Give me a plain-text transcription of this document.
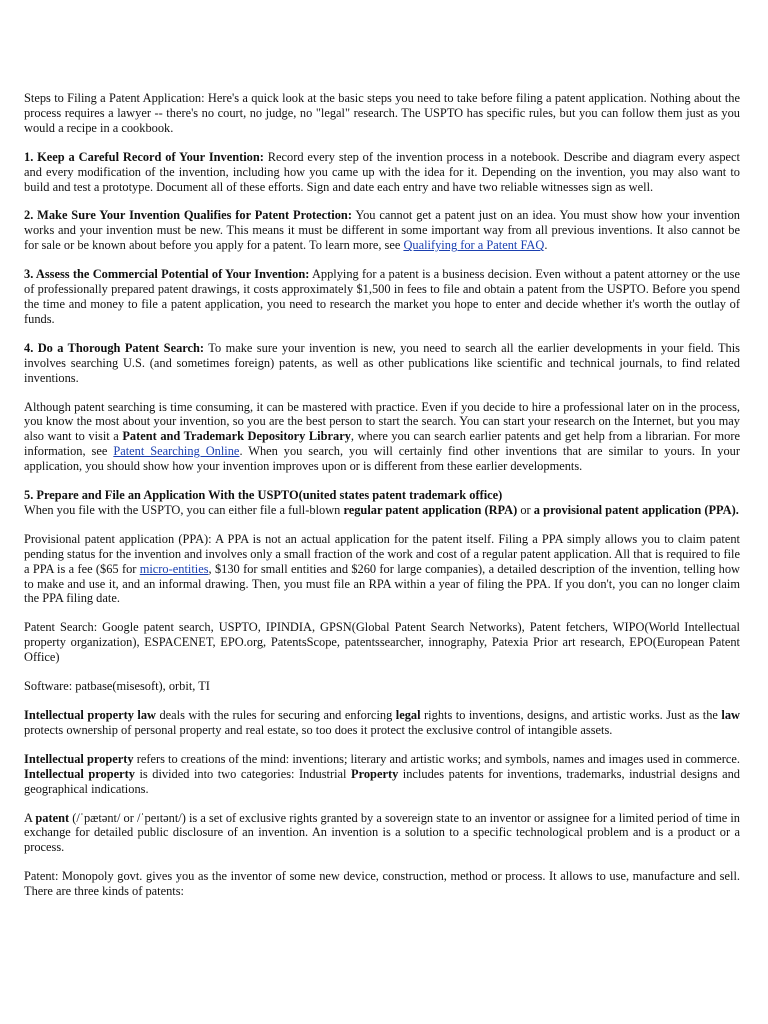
Steps to Filing a Patent Application: Here's a quick look at the basic steps you need to take before filing a patent application. Nothing about the process requires a lawyer -- there's no court, no judge, no "legal" research. The USPTO has specific rules, but you can follow them just as you would a recipe in a cookbook.

1. Keep a Careful Record of Your Invention: Record every step of the invention process in a notebook. Describe and diagram every aspect and every modification of the invention, including how you came up with the idea for it. Depending on the invention, you may also want to build and test a prototype. Document all of these efforts. Sign and date each entry and have two reliable witnesses sign as well.

2. Make Sure Your Invention Qualifies for Patent Protection: You cannot get a patent just on an idea. You must show how your invention works and your invention must be new. This means it must be different in some important way from all previous inventions. It also cannot be for sale or be known about before you apply for a patent. To learn more, see Qualifying for a Patent FAQ.

3. Assess the Commercial Potential of Your Invention: Applying for a patent is a business decision. Even without a patent attorney or the use of professionally prepared patent drawings, it costs approximately $1,500 in fees to file and obtain a patent from the USPTO. Before you spend the time and money to file a patent application, you need to research the market you hope to enter and decide whether it's worth the outlay of funds.

4. Do a Thorough Patent Search: To make sure your invention is new, you need to search all the earlier developments in your field. This involves searching U.S. (and sometimes foreign) patents, as well as other publications like scientific and technical journals, to find related inventions.

Although patent searching is time consuming, it can be mastered with practice. Even if you decide to hire a professional later on in the process, you know the most about your invention, so you are the best person to start the search. You can start your research on the Internet, but you may also want to visit a Patent and Trademark Depository Library, where you can search earlier patents and get help from a librarian. For more information, see Patent Searching Online. When you search, you will certainly find other inventions that are similar to yours. In your application, you should show how your invention improves upon or is different from these earlier developments.

5. Prepare and File an Application With the USPTO(united states patent trademark office)
When you file with the USPTO, you can either file a full-blown regular patent application (RPA) or a provisional patent application (PPA).

Provisional patent application (PPA): A PPA is not an actual application for the patent itself. Filing a PPA simply allows you to claim patent pending status for the invention and involves only a small fraction of the work and cost of a regular patent application. All that is required to file a PPA is a fee ($65 for micro-entities, $130 for small entities and $260 for large companies), a detailed description of the invention, telling how to make and use it, and an informal drawing. Then, you must file an RPA within a year of filing the PPA. If you don't, you can no longer claim the PPA filing date.

Patent Search: Google patent search, USPTO, IPINDIA, GPSN(Global Patent Search Networks), Patent fetchers, WIPO(World Intellectual property organization), ESPACENET, EPO.org, PatentsScope, patentssearcher, innography, Patexia Prior art research, EPO(European Patent Office)

Software: patbase(misesoft), orbit, TI

Intellectual property law deals with the rules for securing and enforcing legal rights to inventions, designs, and artistic works. Just as the law protects ownership of personal property and real estate, so too does it protect the exclusive control of intangible assets.

Intellectual property refers to creations of the mind: inventions; literary and artistic works; and symbols, names and images used in commerce. Intellectual property is divided into two categories: Industrial Property includes patents for inventions, trademarks, industrial designs and geographical indications.

A patent (/ˈpætənt/ or /ˈpeɪtənt/) is a set of exclusive rights granted by a sovereign state to an inventor or assignee for a limited period of time in exchange for detailed public disclosure of an invention. An invention is a solution to a specific technological problem and is a product or a process.

Patent: Monopoly govt. gives you as the inventor of some new device, construction, method or process. It allows to use, manufacture and sell. There are three kinds of patents:
